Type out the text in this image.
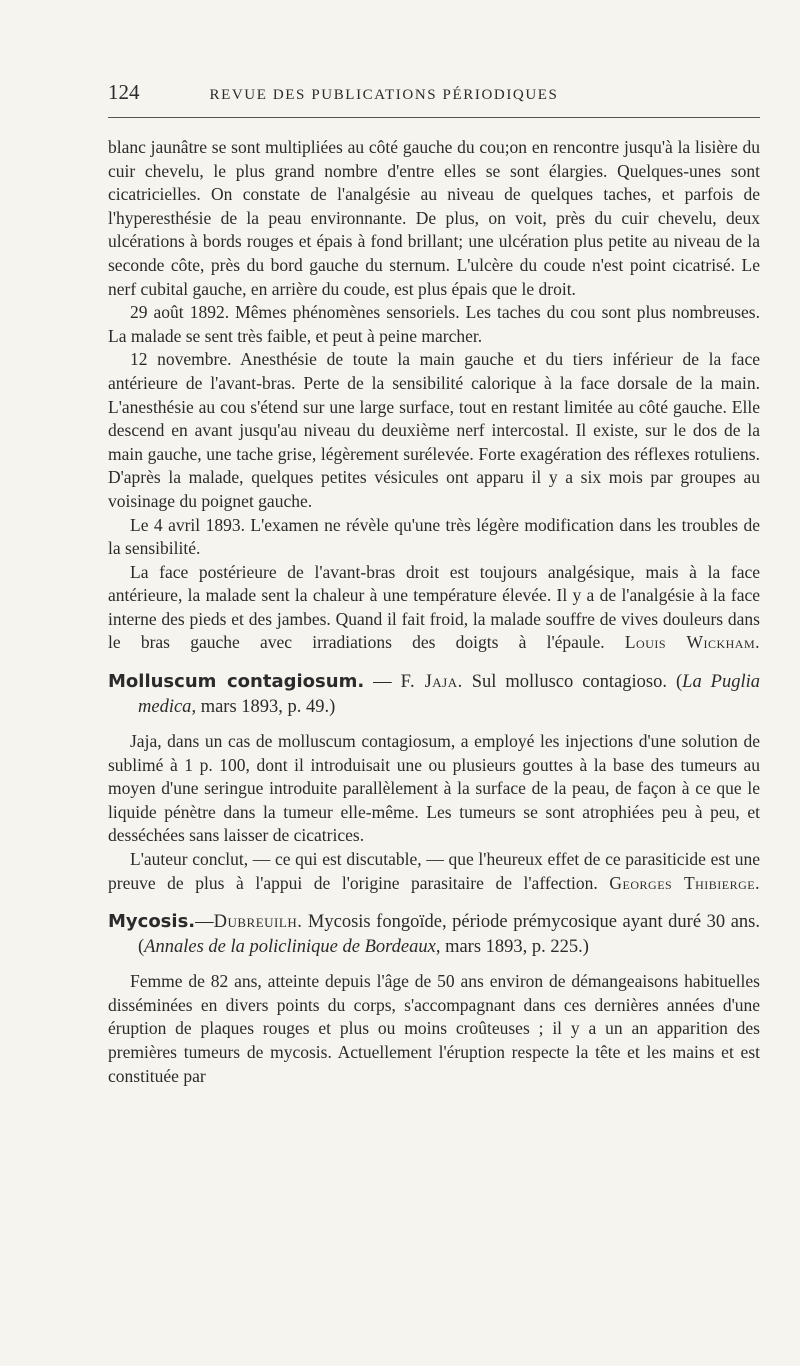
124	REVUE DES PUBLICATIONS PÉRIODIQUES

blanc jaunâtre se sont multipliées au côté gauche du cou;on en rencontre jusqu'à la lisière du cuir chevelu, le plus grand nombre d'entre elles se sont élargies. Quelques-unes sont cicatricielles. On constate de l'analgésie au niveau de quelques taches, et parfois de l'hyperesthésie de la peau environnante. De plus, on voit, près du cuir chevelu, deux ulcérations à bords rouges et épais à fond brillant; une ulcération plus petite au niveau de la seconde côte, près du bord gauche du sternum. L'ulcère du coude n'est point cicatrisé. Le nerf cubital gauche, en arrière du coude, est plus épais que le droit.

29 août 1892. Mêmes phénomènes sensoriels. Les taches du cou sont plus nombreuses. La malade se sent très faible, et peut à peine marcher.

12 novembre. Anesthésie de toute la main gauche et du tiers inférieur de la face antérieure de l'avant-bras. Perte de la sensibilité calorique à la face dorsale de la main. L'anesthésie au cou s'étend sur une large surface, tout en restant limitée au côté gauche. Elle descend en avant jusqu'au niveau du deuxième nerf intercostal. Il existe, sur le dos de la main gauche, une tache grise, légèrement surélevée. Forte exagération des réflexes rotuliens. D'après la malade, quelques petites vésicules ont apparu il y a six mois par groupes au voisinage du poignet gauche.

Le 4 avril 1893. L'examen ne révèle qu'une très légère modification dans les troubles de la sensibilité.

La face postérieure de l'avant-bras droit est toujours analgésique, mais à la face antérieure, la malade sent la chaleur à une température élevée. Il y a de l'analgésie à la face interne des pieds et des jambes. Quand il fait froid, la malade souffre de vives douleurs dans le bras gauche avec irradiations des doigts à l'épaule. Louis Wickham.

Molluscum contagiosum. — F. Jaja. Sul mollusco contagioso. (La Puglia medica, mars 1893, p. 49.)

Jaja, dans un cas de molluscum contagiosum, a employé les injections d'une solution de sublimé à 1 p. 100, dont il introduisait une ou plusieurs gouttes à la base des tumeurs au moyen d'une seringue introduite parallèlement à la surface de la peau, de façon à ce que le liquide pénètre dans la tumeur elle-même. Les tumeurs se sont atrophiées peu à peu, et desséchées sans laisser de cicatrices.

L'auteur conclut, — ce qui est discutable, — que l'heureux effet de ce parasiticide est une preuve de plus à l'appui de l'origine parasitaire de l'affection. Georges Thibierge.

Mycosis.—Dubreuilh. Mycosis fongoïde, période prémycosique ayant duré 30 ans. (Annales de la policlinique de Bordeaux, mars 1893, p. 225.)

Femme de 82 ans, atteinte depuis l'âge de 50 ans environ de démangeaisons habituelles disséminées en divers points du corps, s'accompagnant dans ces dernières années d'une éruption de plaques rouges et plus ou moins croûteuses ; il y a un an apparition des premières tumeurs de mycosis. Actuellement l'éruption respecte la tête et les mains et est constituée par
